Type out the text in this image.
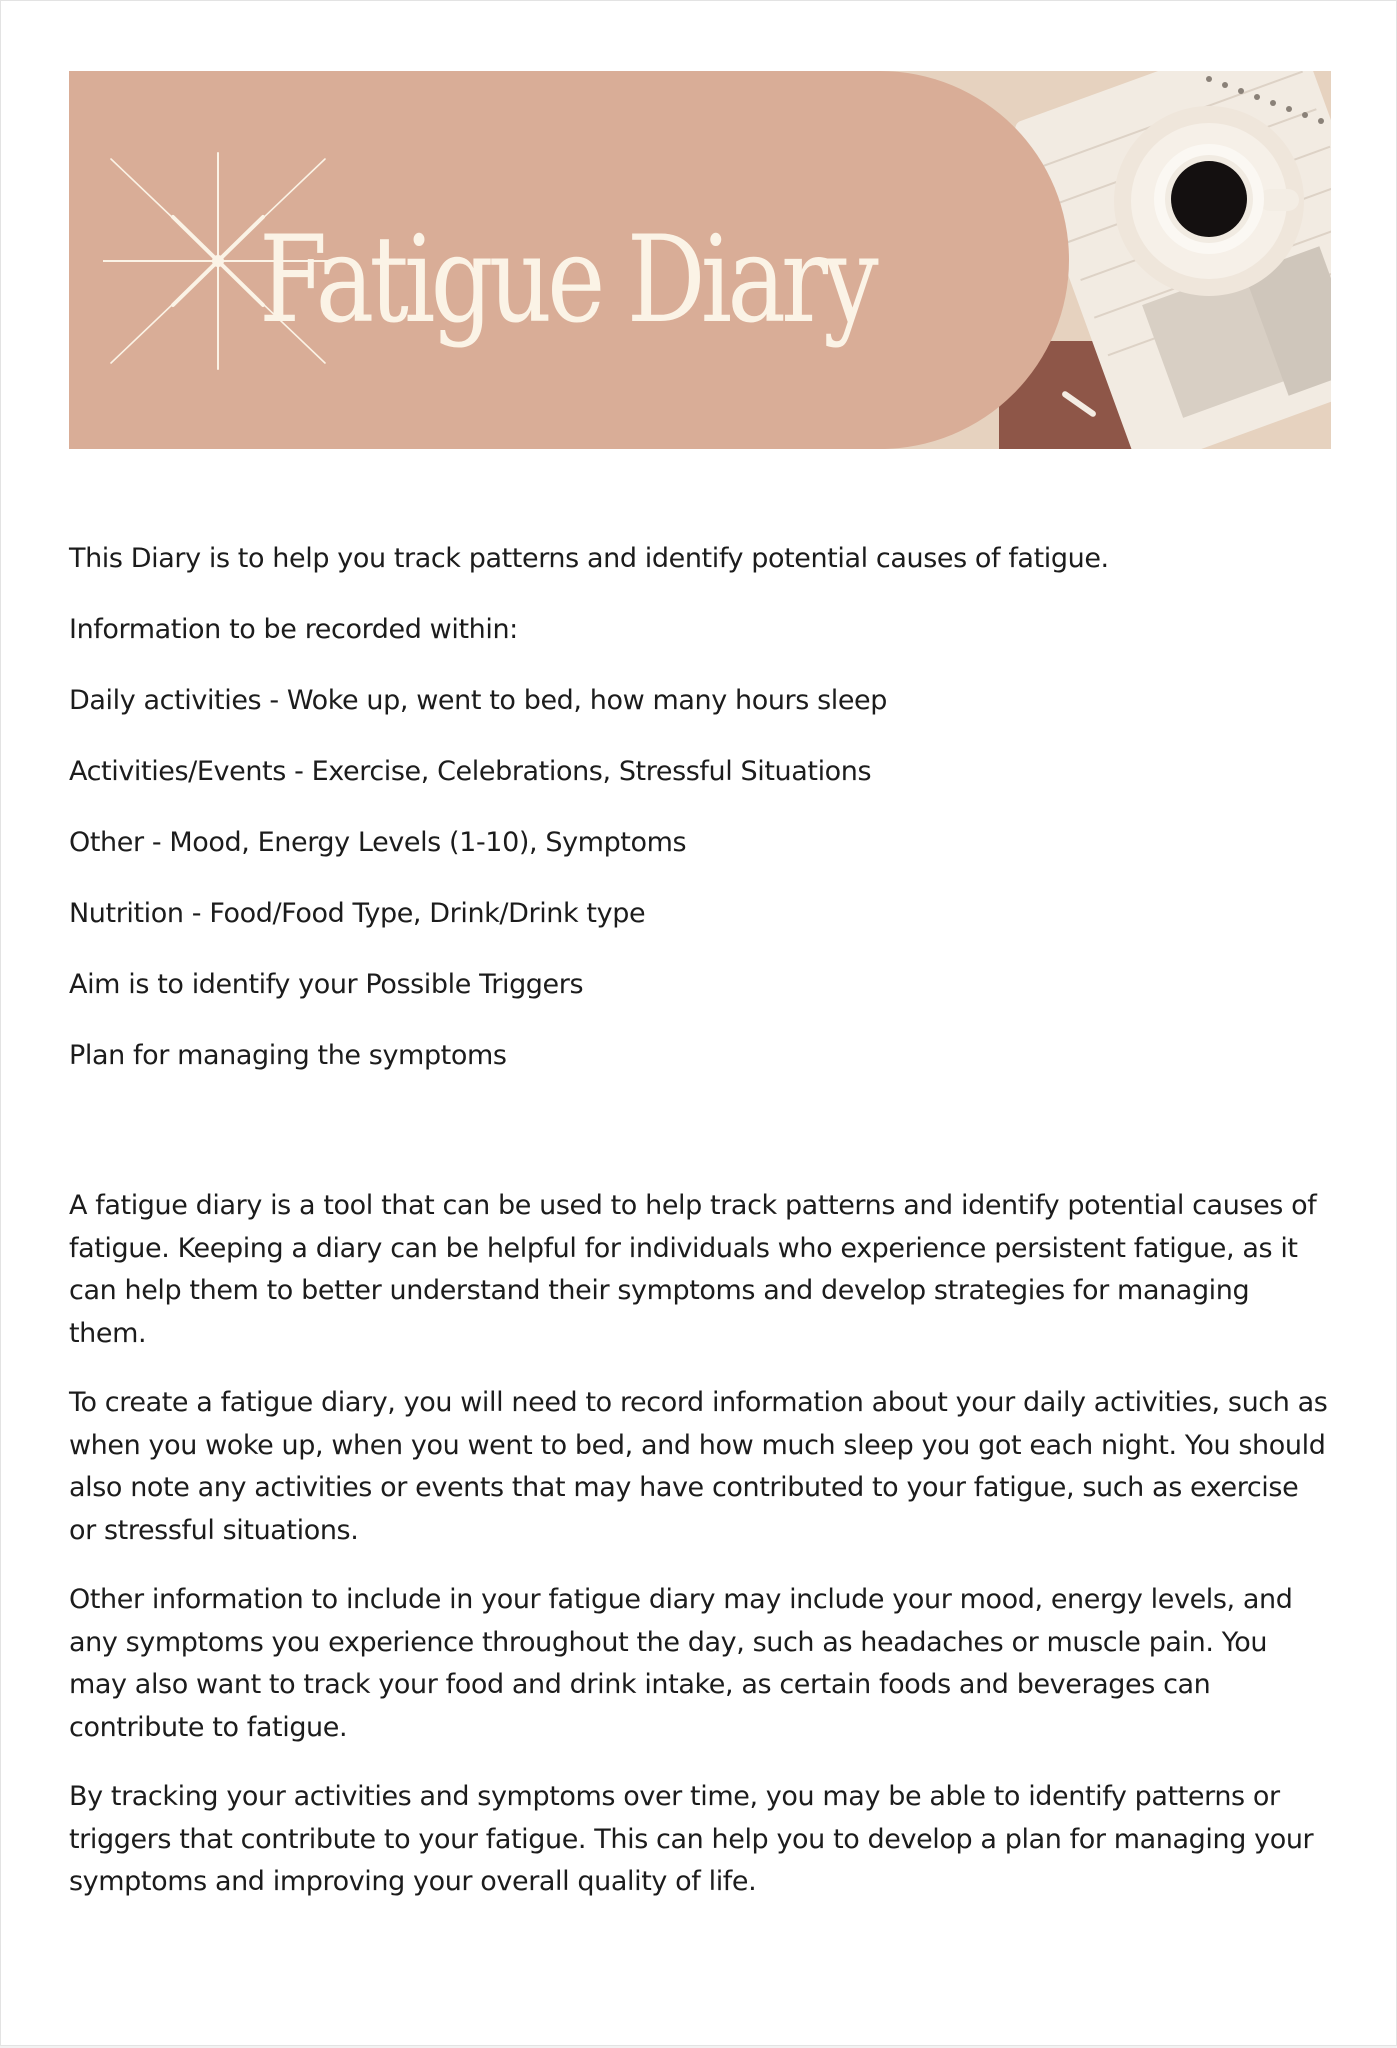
Fatigue Diary

This Diary is to help you track patterns and identify potential causes of fatigue.

Information to be recorded within:

Daily activities - Woke up, went to bed, how many hours sleep

Activities/Events - Exercise, Celebrations, Stressful Situations

Other - Mood, Energy Levels (1-10), Symptoms

Nutrition - Food/Food Type, Drink/Drink type

Aim is to identify your Possible Triggers

Plan for managing the symptoms

A fatigue diary is a tool that can be used to help track patterns and identify potential causes of fatigue. Keeping a diary can be helpful for individuals who experience persistent fatigue, as it can help them to better understand their symptoms and develop strategies for managing them.

To create a fatigue diary, you will need to record information about your daily activities, such as when you woke up, when you went to bed, and how much sleep you got each night. You should also note any activities or events that may have contributed to your fatigue, such as exercise or stressful situations.

Other information to include in your fatigue diary may include your mood, energy levels, and any symptoms you experience throughout the day, such as headaches or muscle pain. You may also want to track your food and drink intake, as certain foods and beverages can contribute to fatigue.

By tracking your activities and symptoms over time, you may be able to identify patterns or triggers that contribute to your fatigue. This can help you to develop a plan for managing your symptoms and improving your overall quality of life.
